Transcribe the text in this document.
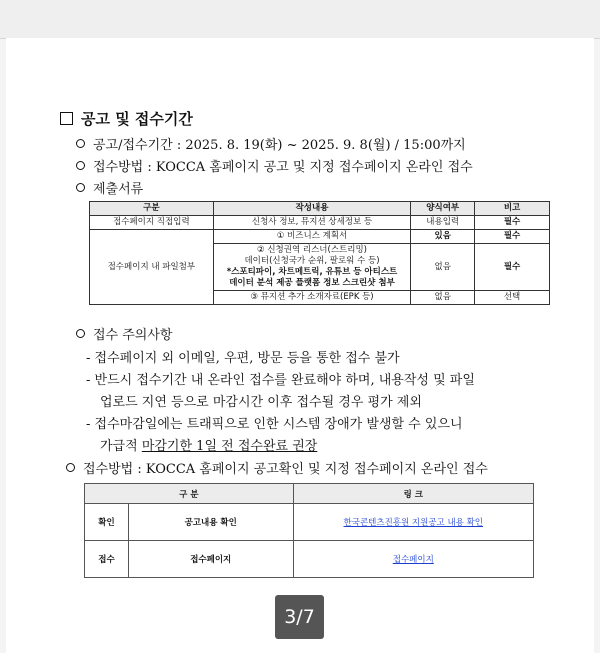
공고 및 접수기간
공고/접수기간 : 2025. 8. 19(화) ~ 2025. 9. 8(월) / 15:00까지
접수방법 : KOCCA 홈페이지 공고 및 지정 접수페이지 온라인 접수
제출서류
구분	작성내용	양식여부	비고
접수페이지 직접입력	신청사 정보, 뮤지션 상세정보 등	내용입력	필수
접수페이지 내 파일첨부	① 비즈니스 계획서	있음	필수

	② 신청권역 리스너(스트리밍)
데이터(신청국가 순위, 팔로워 수 등)
*스포티파이, 차트메트릭, 유튜브 등 아티스트
데이터 분석 제공 플랫폼 정보 스크린샷 첨부	없음	필수
	③ 뮤지션 추가 소개자료(EPK 등)	없음	선택
접수 주의사항
- 접수페이지 외 이메일, 우편, 방문 등을 통한 접수 불가
- 반드시 접수기간 내 온라인 접수를 완료해야 하며, 내용작성 및 파일
업로드 지연 등으로 마감시간 이후 접수될 경우 평가 제외
- 접수마감일에는 트래픽으로 인한 시스템 장애가 발생할 수 있으니
가급적 마감기한 1일 전 접수완료 권장
접수방법 : KOCCA 홈페이지 공고확인 및 지정 접수페이지 온라인 접수
구 분		링 크
확인	공고내용 확인	한국콘텐츠진흥원 지원공고 내용 확인
접수	접수페이지	접수페이지
3/7
